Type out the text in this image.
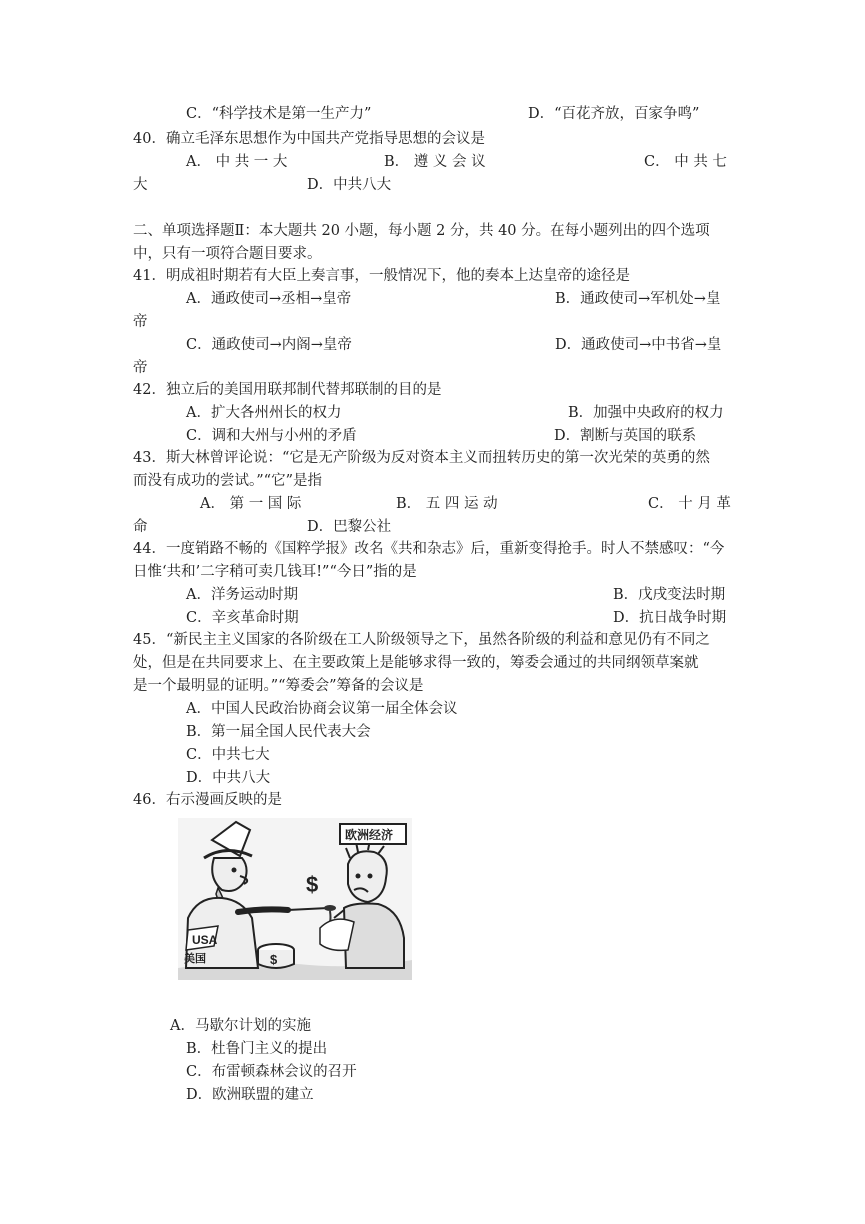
C．“科学技术是第一生产力”	D．“百花齐放，百家争鸣”
40．确立毛泽东思想作为中国共产党指导思想的会议是
A． 中 共 一 大	B． 遵 义 会 议	C． 中 共 七
大	D．中共八大
二、单项选择题Ⅱ：本大题共 20 小题，每小题 2 分，共 40 分。在每小题列出的四个选项
中，只有一项符合题目要求。
41．明成祖时期若有大臣上奏言事，一般情况下，他的奏本上达皇帝的途径是
A．通政使司→丞相→皇帝	B．通政使司→军机处→皇
帝
C．通政使司→内阁→皇帝	D．通政使司→中书省→皇
帝
42．独立后的美国用联邦制代替邦联制的目的是
A．扩大各州州长的权力	B．加强中央政府的权力
C．调和大州与小州的矛盾	D．割断与英国的联系
43．斯大林曾评论说：“它是无产阶级为反对资本主义而扭转历史的第一次光荣的英勇的然
而没有成功的尝试。”“它”是指
A． 第 一 国 际	B． 五 四 运 动	C． 十 月 革
命	D．巴黎公社
44．一度销路不畅的《国粹学报》改名《共和杂志》后，重新变得抢手。时人不禁感叹：“今
日惟‘共和’二字稍可卖几钱耳!”“今日”指的是
A．洋务运动时期	B．戊戌变法时期
C．辛亥革命时期	D．抗日战争时期
45．“新民主主义国家的各阶级在工人阶级领导之下，虽然各阶级的利益和意见仍有不同之
处，但是在共同要求上、在主要政策上是能够求得一致的，筹委会通过的共同纲领草案就
是一个最明显的证明。”“筹委会”筹备的会议是
A．中国人民政治协商会议第一届全体会议
B．第一届全国人民代表大会
C．中共七大
D．中共八大
46．右示漫画反映的是
USA
美国	$
$
欧洲经济
A．马歇尔计划的实施
B．杜鲁门主义的提出
C．布雷顿森林会议的召开
D．欧洲联盟的建立
